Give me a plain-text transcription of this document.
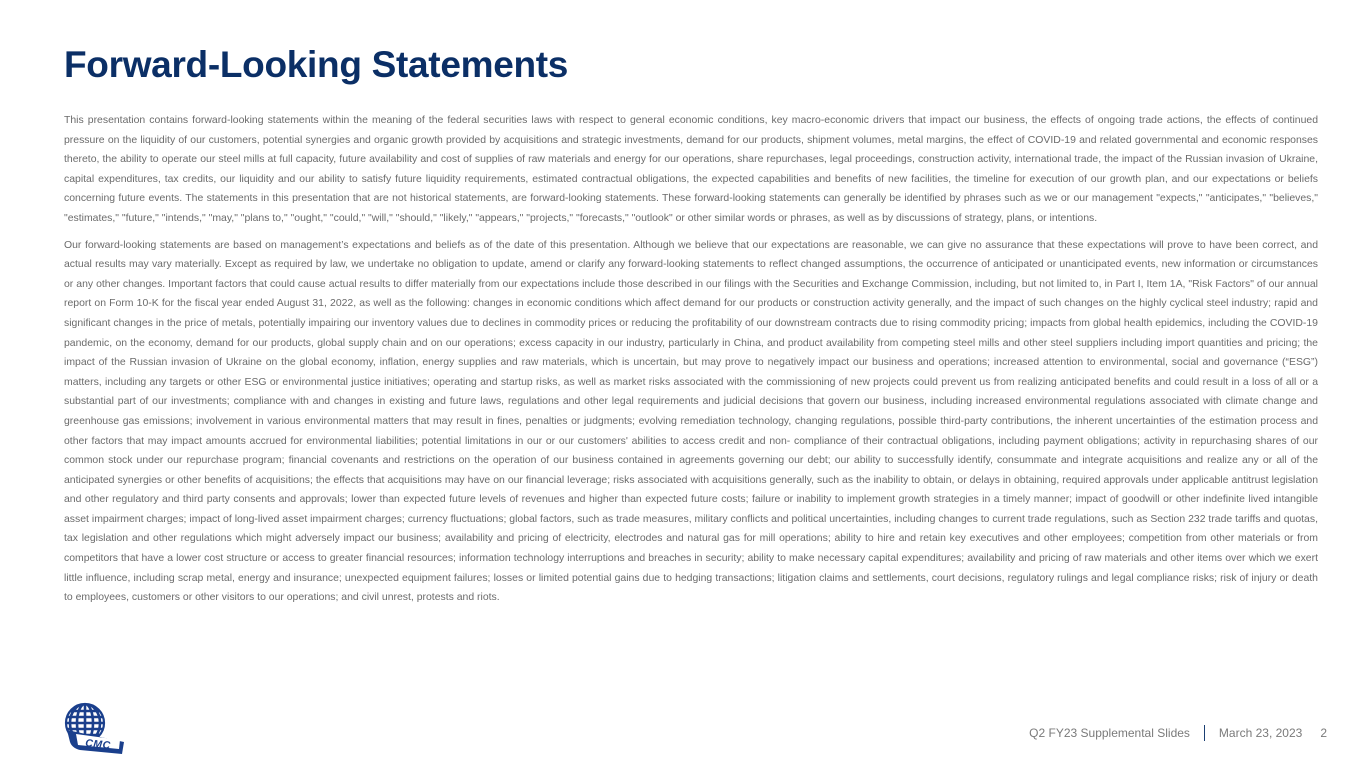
Forward-Looking Statements

This presentation contains forward-looking statements within the meaning of the federal securities laws with respect to general economic conditions, key macro-economic drivers that impact our business, the effects of ongoing trade actions, the effects of continued pressure on the liquidity of our customers, potential synergies and organic growth provided by acquisitions and strategic investments, demand for our products, shipment volumes, metal margins, the effect of COVID-19 and related governmental and economic responses thereto, the ability to operate our steel mills at full capacity, future availability and cost of supplies of raw materials and energy for our operations, share repurchases, legal proceedings, construction activity, international trade, the impact of the Russian invasion of Ukraine, capital expenditures, tax credits, our liquidity and our ability to satisfy future liquidity requirements, estimated contractual obligations, the expected capabilities and benefits of new facilities, the timeline for execution of our growth plan, and our expectations or beliefs concerning future events. The statements in this presentation that are not historical statements, are forward-looking statements. These forward-looking statements can generally be identified by phrases such as we or our management "expects," "anticipates," "believes," "estimates," "future," "intends," "may," "plans to," "ought," "could," "will," "should," "likely," "appears," "projects," "forecasts," "outlook" or other similar words or phrases, as well as by discussions of strategy, plans, or intentions.

Our forward-looking statements are based on management’s expectations and beliefs as of the date of this presentation. Although we believe that our expectations are reasonable, we can give no assurance that these expectations will prove to have been correct, and actual results may vary materially. Except as required by law, we undertake no obligation to update, amend or clarify any forward-looking statements to reflect changed assumptions, the occurrence of anticipated or unanticipated events, new information or circumstances or any other changes. Important factors that could cause actual results to differ materially from our expectations include those described in our filings with the Securities and Exchange Commission, including, but not limited to, in Part I, Item 1A, "Risk Factors" of our annual report on Form 10-K for the fiscal year ended August 31, 2022, as well as the following: changes in economic conditions which affect demand for our products or construction activity generally, and the impact of such changes on the highly cyclical steel industry; rapid and significant changes in the price of metals, potentially impairing our inventory values due to declines in commodity prices or reducing the profitability of our downstream contracts due to rising commodity pricing; impacts from global health epidemics, including the COVID-19 pandemic, on the economy, demand for our products, global supply chain and on our operations; excess capacity in our industry, particularly in China, and product availability from competing steel mills and other steel suppliers including import quantities and pricing; the impact of the Russian invasion of Ukraine on the global economy, inflation, energy supplies and raw materials, which is uncertain, but may prove to negatively impact our business and operations; increased attention to environmental, social and governance (“ESG”) matters, including any targets or other ESG or environmental justice initiatives; operating and startup risks, as well as market risks associated with the commissioning of new projects could prevent us from realizing anticipated benefits and could result in a loss of all or a substantial part of our investments; compliance with and changes in existing and future laws, regulations and other legal requirements and judicial decisions that govern our business, including increased environmental regulations associated with climate change and greenhouse gas emissions; involvement in various environmental matters that may result in fines, penalties or judgments; evolving remediation technology, changing regulations, possible third-party contributions, the inherent uncertainties of the estimation process and other factors that may impact amounts accrued for environmental liabilities; potential limitations in our or our customers' abilities to access credit and non- compliance of their contractual obligations, including payment obligations; activity in repurchasing shares of our common stock under our repurchase program; financial covenants and restrictions on the operation of our business contained in agreements governing our debt; our ability to successfully identify, consummate and integrate acquisitions and realize any or all of the anticipated synergies or other benefits of acquisitions; the effects that acquisitions may have on our financial leverage; risks associated with acquisitions generally, such as the inability to obtain, or delays in obtaining, required approvals under applicable antitrust legislation and other regulatory and third party consents and approvals; lower than expected future levels of revenues and higher than expected future costs; failure or inability to implement growth strategies in a timely manner; impact of goodwill or other indefinite lived intangible asset impairment charges; impact of long-lived asset impairment charges; currency fluctuations; global factors, such as trade measures, military conflicts and political uncertainties, including changes to current trade regulations, such as Section 232 trade tariffs and quotas, tax legislation and other regulations which might adversely impact our business; availability and pricing of electricity, electrodes and natural gas for mill operations; ability to hire and retain key executives and other employees; competition from other materials or from competitors that have a lower cost structure or access to greater financial resources; information technology interruptions and breaches in security; ability to make necessary capital expenditures; availability and pricing of raw materials and other items over which we exert little influence, including scrap metal, energy and insurance; unexpected equipment failures; losses or limited potential gains due to hedging transactions; litigation claims and settlements, court decisions, regulatory rulings and legal compliance risks; risk of injury or death to employees, customers or other visitors to our operations; and civil unrest, protests and riots.

CMC
Q2 FY23 Supplemental Slides March 23, 2023 2
